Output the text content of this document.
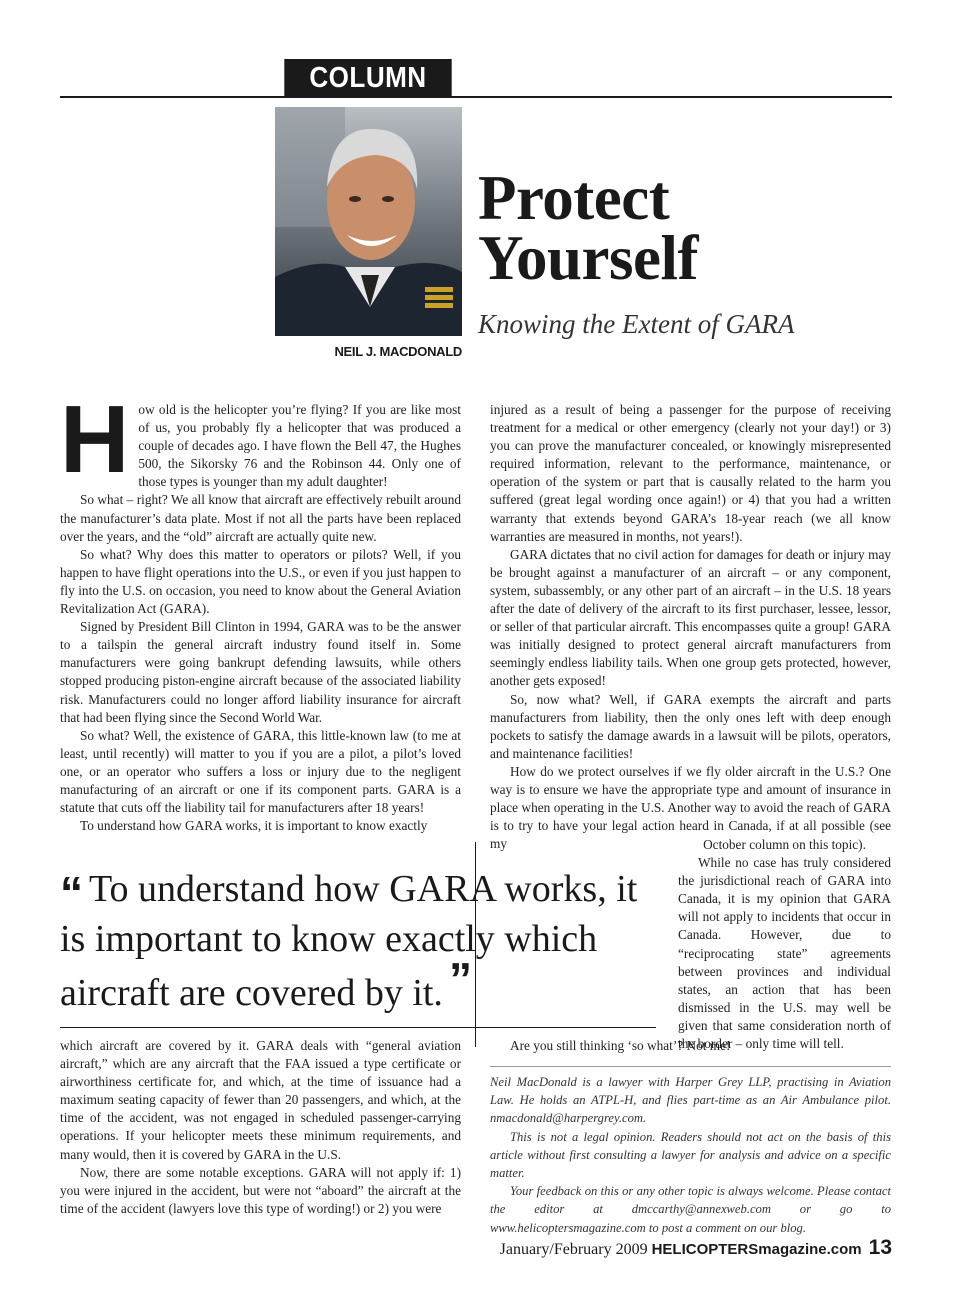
COLUMN
NEIL J. MACDONALD
Protect
Yourself
Knowing the Extent of GARA

How old is the helicopter you’re flying? If you are like most of us, you probably fly a helicopter that was produced a couple of decades ago. I have flown the Bell 47, the Hughes 500, the Sikorsky 76 and the Robinson 44. Only one of those types is younger than my adult daughter!

So what – right? We all know that aircraft are effectively rebuilt around the manufacturer’s data plate. Most if not all the parts have been replaced over the years, and the “old” aircraft are actually quite new.

So what? Why does this matter to operators or pilots? Well, if you happen to have flight operations into the U.S., or even if you just happen to fly into the U.S. on occasion, you need to know about the General Aviation Revitalization Act (GARA).

Signed by President Bill Clinton in 1994, GARA was to be the answer to a tailspin the general aircraft industry found itself in. Some manufacturers were going bankrupt defending lawsuits, while others stopped producing piston-engine aircraft because of the associated liability risk. Manufacturers could no longer afford liability insurance for aircraft that had been flying since the Second World War.

So what? Well, the existence of GARA, this little-known law (to me at least, until recently) will matter to you if you are a pilot, a pilot’s loved one, or an operator who suffers a loss or injury due to the negligent manufacturing of an aircraft or one if its component parts. GARA is a statute that cuts off the liability tail for manufacturers after 18 years!

To understand how GARA works, it is important to know exactly

injured as a result of being a passenger for the purpose of receiving treatment for a medical or other emergency (clearly not your day!) or 3) you can prove the manufacturer concealed, or knowingly misrepresented required information, relevant to the performance, maintenance, or operation of the system or part that is causally related to the harm you suffered (great legal wording once again!) or 4) that you had a written warranty that extends beyond GARA’s 18-year reach (we all know warranties are measured in months, not years!).

GARA dictates that no civil action for damages for death or injury may be brought against a manufacturer of an aircraft – or any component, system, subassembly, or any other part of an aircraft – in the U.S. 18 years after the date of delivery of the aircraft to its first purchaser, lessee, lessor, or seller of that particular aircraft. This encompasses quite a group! GARA was initially designed to protect general aircraft manufacturers from seemingly endless liability tails. When one group gets protected, however, another gets exposed!

So, now what? Well, if GARA exempts the aircraft and parts manufacturers from liability, then the only ones left with deep enough pockets to satisfy the damage awards in a lawsuit will be pilots, operators, and maintenance facilities!

How do we protect ourselves if we fly older aircraft in the U.S.? One way is to ensure we have the appropriate type and amount of insurance in place when operating in the U.S. Another way to avoid the reach of GARA is to try to have your legal action heard in Canada, if at all possible (see my	October column on this topic).

While no case has truly considered the jurisdictional reach of GARA into Canada, it is my opinion that GARA will not apply to incidents that occur in Canada. However, due to “reciprocating state” agreements between provinces and individual states, an action that has been dismissed in the U.S. may well be given that same consideration north of the border – only time will tell.

“ To understand how GARA works, it is important to know exactly which aircraft are covered by it. ”

which aircraft are covered by it. GARA deals with “general aviation aircraft,” which are any aircraft that the FAA issued a type certificate or airworthiness certificate for, and which, at the time of issuance had a maximum seating capacity of fewer than 20 passengers, and which, at the time of the accident, was not engaged in scheduled passenger-carrying operations. If your helicopter meets these minimum requirements, and many would, then it is covered by GARA in the U.S.

Now, there are some notable exceptions. GARA will not apply if: 1) you were injured in the accident, but were not “aboard” the aircraft at the time of the accident (lawyers love this type of wording!) or 2) you were

Are you still thinking ‘so what’? Not me!

Neil MacDonald is a lawyer with Harper Grey LLP, practising in Aviation Law. He holds an ATPL-H, and flies part-time as an Air Ambulance pilot. nmacdonald@harpergrey.com.

This is not a legal opinion. Readers should not act on the basis of this article without first consulting a lawyer for analysis and advice on a specific matter.

Your feedback on this or any other topic is always welcome. Please contact the editor at dmccarthy@annexweb.com or go to www.helicoptersmagazine.com to post a comment on our blog.

January/February 2009 HELICOPTERSmagazine.com 13
